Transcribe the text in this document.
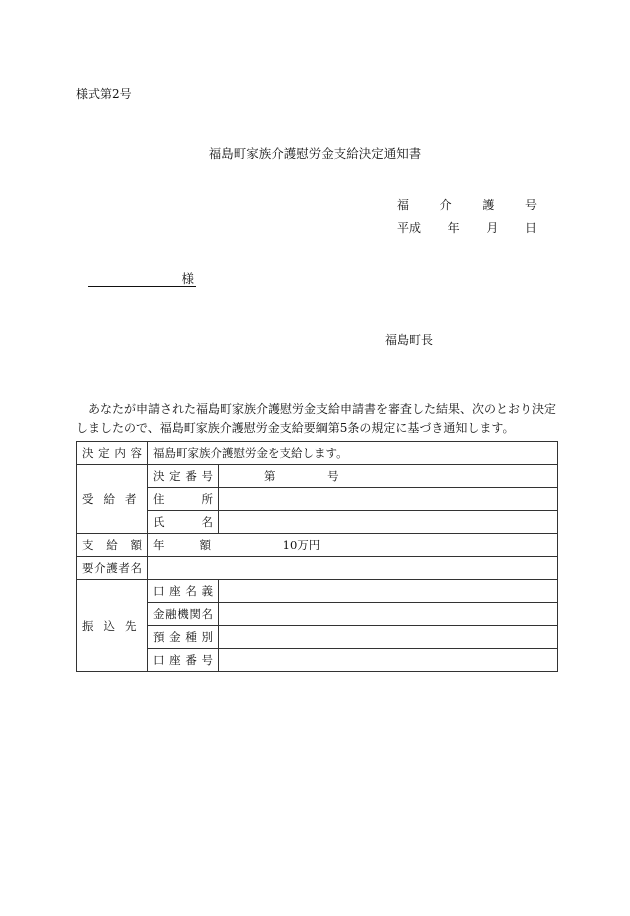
様式第2号
福島町家族介護慰労金支給決定通知書
福	介	護	号
平成 年 月 日
様
福島町長
あなたが申請された福島町家族介護慰労金支給申請書を審査した結果、次のとおり決定
しましたので、福島町家族介護慰労金支給要綱第5条の規定に基づき通知します。
決定内容	福島町家族介護慰労金を支給します。	
受給者	決定番号	第 号
	住所	
	氏名	
支給額	年額 10万円	
要介護者名		
振込先	口座名義	
	金融機関名	
	預金種別	
	口座番号	
